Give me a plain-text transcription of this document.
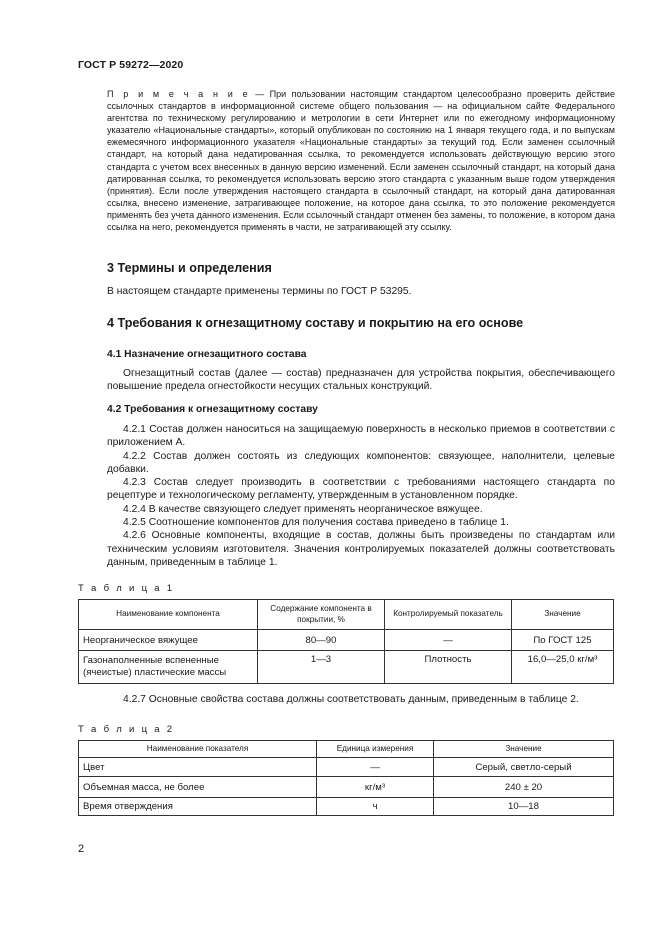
ГОСТ Р 59272—2020
П р и м е ч а н и е — При пользовании настоящим стандартом целесообразно проверить действие ссылочных стандартов в информационной системе общего пользования — на официальном сайте Федерального агентства по техническому регулированию и метрологии в сети Интернет или по ежегодному информационному указателю «Национальные стандарты», который опубликован по состоянию на 1 января текущего года, и по выпускам ежемесячного информационного указателя «Национальные стандарты» за текущий год. Если заменен ссылочный стандарт, на который дана недатированная ссылка, то рекомендуется использовать действующую версию этого стандарта с учетом всех внесенных в данную версию изменений. Если заменен ссылочный стандарт, на который дана датированная ссылка, то рекомендуется использовать версию этого стандарта с указанным выше годом утверждения (принятия). Если после утверждения настоящего стандарта в ссылочный стандарт, на который дана датированная ссылка, внесено изменение, затрагивающее положение, на которое дана ссылка, то это положение рекомендуется применять без учета данного изменения. Если ссылочный стандарт отменен без замены, то положение, в котором дана ссылка на него, рекомендуется применять в части, не затрагивающей эту ссылку.
3 Термины и определения

В настоящем стандарте применены термины по ГОСТ Р 53295.

4 Требования к огнезащитному составу и покрытию на его основе
4.1 Назначение огнезащитного состава

Огнезащитный состав (далее — состав) предназначен для устройства покрытия, обеспечивающего повышение предела огнестойкости несущих стальных конструкций.

4.2 Требования к огнезащитному составу

4.2.1 Состав должен наноситься на защищаемую поверхность в несколько приемов в соответствии с приложением А.

4.2.2 Состав должен состоять из следующих компонентов: связующее, наполнители, целевые добавки.

4.2.3 Состав следует производить в соответствии с требованиями настоящего стандарта по рецептуре и технологическому регламенту, утвержденным в установленном порядке.

4.2.4 В качестве связующего следует применять неорганическое вяжущее.

4.2.5 Соотношение компонентов для получения состава приведено в таблице 1.

4.2.6 Основные компоненты, входящие в состав, должны быть произведены по стандартам или техническим условиям изготовителя. Значения контролируемых показателей должны соответствовать данным, приведенным в таблице 1.

Т а б л и ц а 1
Наименование компонента	Содержание компонента в покрытии, %	Контролируемый показатель	Значение
Неорганическое вяжущее	80—90	—	По ГОСТ 125
Газонаполненные вспененные (ячеистые) пластические массы	1—3	Плотность	16,0—25,0 кг/м³

4.2.7 Основные свойства состава должны соответствовать данным, приведенным в таблице 2.

Т а б л и ц а 2
Наименование показателя	Единица измерения	Значение
Цвет	—	Серый, светло-серый
Объемная масса, не более	кг/м³	240 ± 20
Время отверждения	ч	10—18
2
